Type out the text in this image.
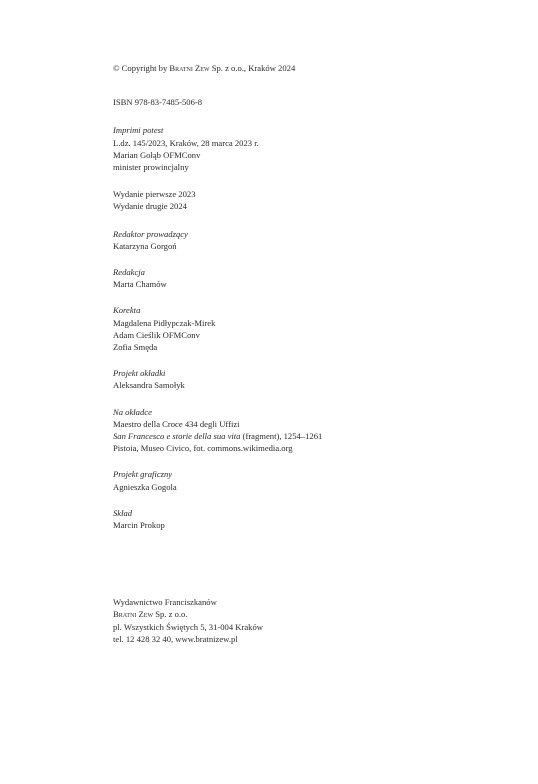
© Copyright by Bratni Zew Sp. z o.o., Kraków 2024
ISBN 978-83-7485-506-8
Imprimi potest
L.dz. 145/2023, Kraków, 28 marca 2023 r.
Marian Gołąb OFMConv
minister prowincjalny
Wydanie pierwsze 2023
Wydanie drugie 2024
Redaktor prowadzący
Katarzyna Gorgoń
Redakcja
Marta Chamów
Korekta
Magdalena Pidłypczak-Mirek
Adam Cieślik OFMConv
Zofia Smęda
Projekt okładki
Aleksandra Samołyk
Na okładce
Maestro della Croce 434 degli Uffizi
San Francesco e storie della sua vita (fragment), 1254–1261
Pistoia, Museo Civico, fot. commons.wikimedia.org
Projekt graficzny
Agnieszka Gogola
Skład
Marcin Prokop
Wydawnictwo Franciszkanów
Bratni Zew Sp. z o.o.
pl. Wszystkich Świętych 5, 31-004 Kraków
tel. 12 428 32 40, www.bratnizew.pl
